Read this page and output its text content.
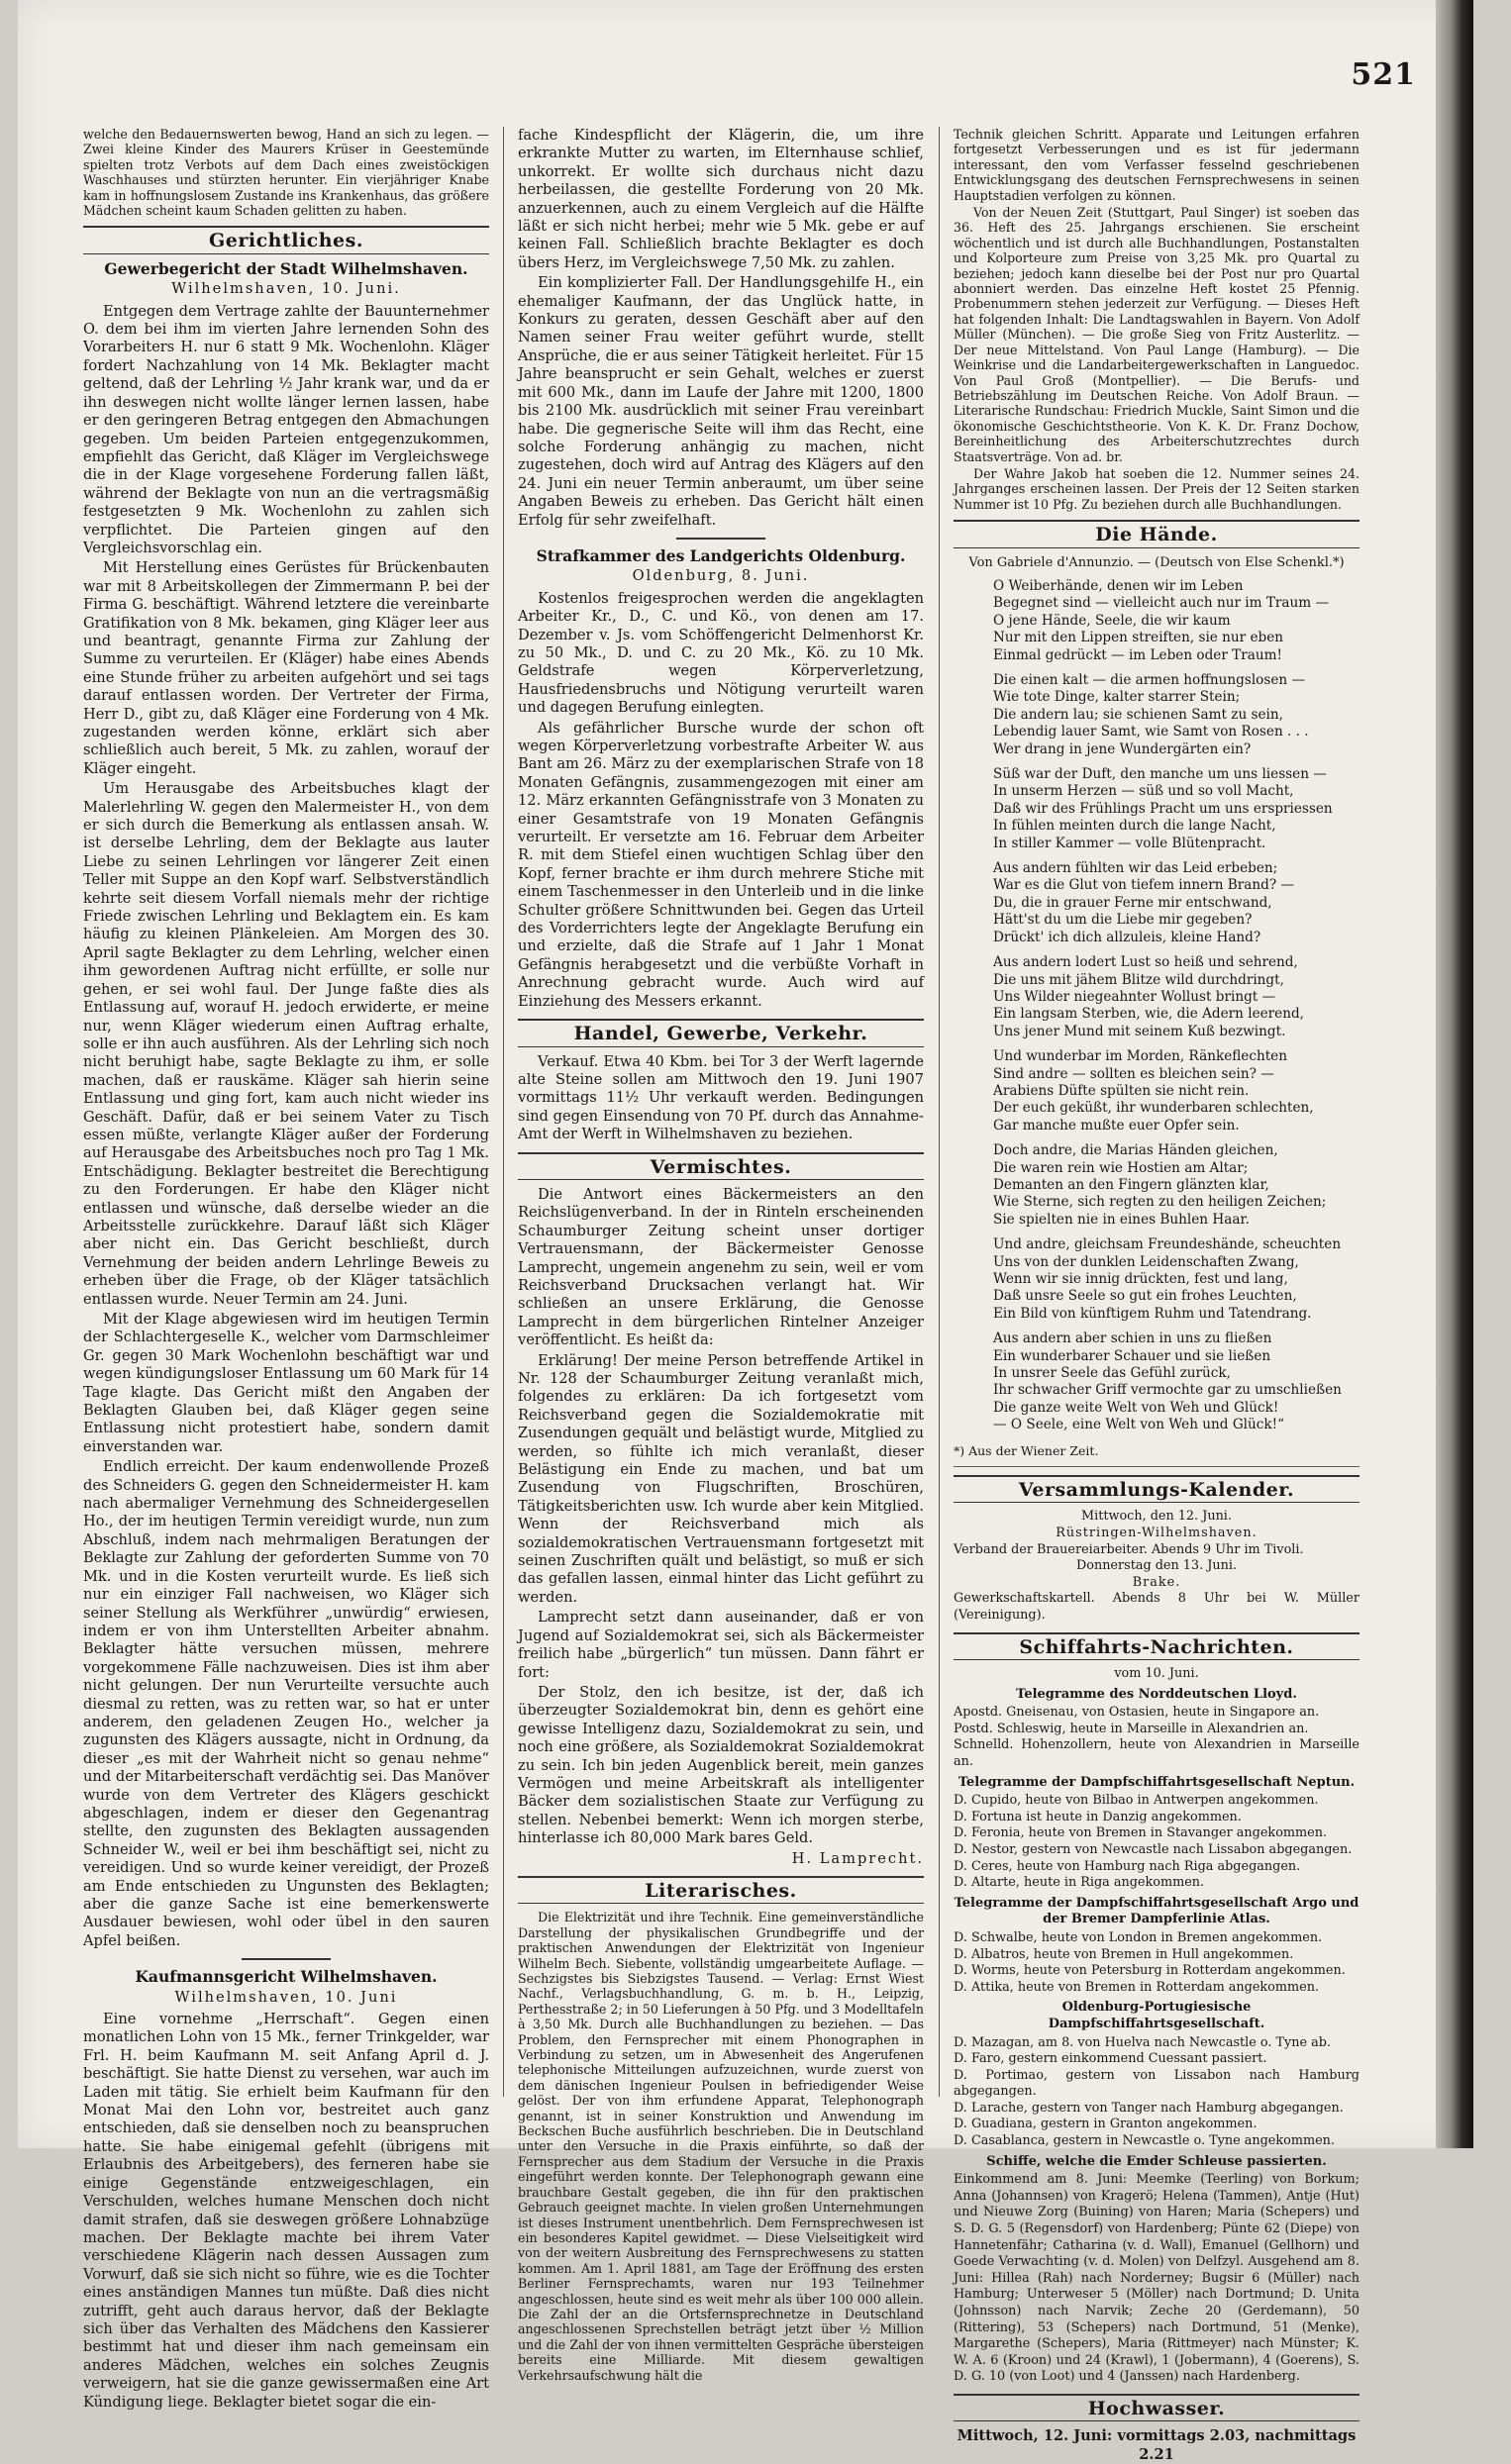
521

welche den Bedauernswerten bewog, Hand an sich zu legen. — Zwei kleine Kinder des Maurers Krüser in Geestemünde spielten trotz Verbots auf dem Dach eines zweistöckigen Waschhauses und stürzten herunter. Ein vierjähriger Knabe kam in hoffnungslosem Zustande ins Krankenhaus, das größere Mädchen scheint kaum Schaden gelitten zu haben.

Gerichtliches.
Gewerbegericht der Stadt Wilhelmshaven.
Wilhelmshaven, 10. Juni.

Entgegen dem Vertrage zahlte der Bauunternehmer O. dem bei ihm im vierten Jahre lernenden Sohn des Vorarbeiters H. nur 6 statt 9 Mk. Wochenlohn. Kläger fordert Nachzahlung von 14 Mk. Beklagter macht geltend, daß der Lehrling ½ Jahr krank war, und da er ihn deswegen nicht wollte länger lernen lassen, habe er den geringeren Betrag entgegen den Abmachungen gegeben. Um beiden Parteien entgegenzukommen, empfiehlt das Gericht, daß Kläger im Vergleichswege die in der Klage vorgesehene Forderung fallen läßt, während der Beklagte von nun an die vertragsmäßig festgesetzten 9 Mk. Wochenlohn zu zahlen sich verpflichtet. Die Parteien gingen auf den Vergleichsvorschlag ein.

Mit Herstellung eines Gerüstes für Brückenbauten war mit 8 Arbeitskollegen der Zimmermann P. bei der Firma G. beschäftigt. Während letztere die vereinbarte Gratifikation von 8 Mk. bekamen, ging Kläger leer aus und beantragt, genannte Firma zur Zahlung der Summe zu verurteilen. Er (Kläger) habe eines Abends eine Stunde früher zu arbeiten aufgehört und sei tags darauf entlassen worden. Der Vertreter der Firma, Herr D., gibt zu, daß Kläger eine Forderung von 4 Mk. zugestanden werden könne, erklärt sich aber schließlich auch bereit, 5 Mk. zu zahlen, worauf der Kläger eingeht.

Um Herausgabe des Arbeitsbuches klagt der Malerlehrling W. gegen den Malermeister H., von dem er sich durch die Bemerkung als entlassen ansah. W. ist derselbe Lehrling, dem der Beklagte aus lauter Liebe zu seinen Lehrlingen vor längerer Zeit einen Teller mit Suppe an den Kopf warf. Selbstverständlich kehrte seit diesem Vorfall niemals mehr der richtige Friede zwischen Lehrling und Beklagtem ein. Es kam häufig zu kleinen Plänkeleien. Am Morgen des 30. April sagte Beklagter zu dem Lehrling, welcher einen ihm gewordenen Auftrag nicht erfüllte, er solle nur gehen, er sei wohl faul. Der Junge faßte dies als Entlassung auf, worauf H. jedoch erwiderte, er meine nur, wenn Kläger wiederum einen Auftrag erhalte, solle er ihn auch ausführen. Als der Lehrling sich noch nicht beruhigt habe, sagte Beklagte zu ihm, er solle machen, daß er rauskäme. Kläger sah hierin seine Entlassung und ging fort, kam auch nicht wieder ins Geschäft. Dafür, daß er bei seinem Vater zu Tisch essen müßte, verlangte Kläger außer der Forderung auf Herausgabe des Arbeitsbuches noch pro Tag 1 Mk. Entschädigung. Beklagter bestreitet die Berechtigung zu den Forderungen. Er habe den Kläger nicht entlassen und wünsche, daß derselbe wieder an die Arbeitsstelle zurückkehre. Darauf läßt sich Kläger aber nicht ein. Das Gericht beschließt, durch Vernehmung der beiden andern Lehrlinge Beweis zu erheben über die Frage, ob der Kläger tatsächlich entlassen wurde. Neuer Termin am 24. Juni.

Mit der Klage abgewiesen wird im heutigen Termin der Schlachtergeselle K., welcher vom Darmschleimer Gr. gegen 30 Mark Wochenlohn beschäftigt war und wegen kündigungsloser Entlassung um 60 Mark für 14 Tage klagte. Das Gericht mißt den Angaben der Beklagten Glauben bei, daß Kläger gegen seine Entlassung nicht protestiert habe, sondern damit einverstanden war.

Endlich erreicht. Der kaum endenwollende Prozeß des Schneiders G. gegen den Schneidermeister H. kam nach abermaliger Vernehmung des Schneidergesellen Ho., der im heutigen Termin vereidigt wurde, nun zum Abschluß, indem nach mehrmaligen Beratungen der Beklagte zur Zahlung der geforderten Summe von 70 Mk. und in die Kosten verurteilt wurde. Es ließ sich nur ein einziger Fall nachweisen, wo Kläger sich seiner Stellung als Werkführer „unwürdig“ erwiesen, indem er von ihm Unterstellten Arbeiter abnahm. Beklagter hätte versuchen müssen, mehrere vorgekommene Fälle nachzuweisen. Dies ist ihm aber nicht gelungen. Der nun Verurteilte versuchte auch diesmal zu retten, was zu retten war, so hat er unter anderem, den geladenen Zeugen Ho., welcher ja zugunsten des Klägers aussagte, nicht in Ordnung, da dieser „es mit der Wahrheit nicht so genau nehme“ und der Mitarbeiterschaft verdächtig sei. Das Manöver wurde von dem Vertreter des Klägers geschickt abgeschlagen, indem er dieser den Gegenantrag stellte, den zugunsten des Beklagten aussagenden Schneider W., weil er bei ihm beschäftigt sei, nicht zu vereidigen. Und so wurde keiner vereidigt, der Prozeß am Ende entschieden zu Ungunsten des Beklagten; aber die ganze Sache ist eine bemerkenswerte Ausdauer bewiesen, wohl oder übel in den sauren Apfel beißen.

Kaufmannsgericht Wilhelmshaven.
Wilhelmshaven, 10. Juni

Eine vornehme „Herrschaft“. Gegen einen monatlichen Lohn von 15 Mk., ferner Trinkgelder, war Frl. H. beim Kaufmann M. seit Anfang April d. J. beschäftigt. Sie hatte Dienst zu versehen, war auch im Laden mit tätig. Sie erhielt beim Kaufmann für den Monat Mai den Lohn vor, bestreitet auch ganz entschieden, daß sie denselben noch zu beanspruchen hatte. Sie habe einigemal gefehlt (übrigens mit Erlaubnis des Arbeitgebers), des ferneren habe sie einige Gegenstände entzweigeschlagen, ein Verschulden, welches humane Menschen doch nicht damit strafen, daß sie deswegen größere Lohnabzüge machen. Der Beklagte machte bei ihrem Vater verschiedene Klägerin nach dessen Aussagen zum Vorwurf, daß sie sich nicht so führe, wie es die Tochter eines anständigen Mannes tun müßte. Daß dies nicht zutrifft, geht auch daraus hervor, daß der Beklagte sich über das Verhalten des Mädchens den Kassierer bestimmt hat und dieser ihm nach gemeinsam ein anderes Mädchen, welches ein solches Zeugnis verweigern, hat sie die ganze gewissermaßen eine Art Kündigung liege. Beklagter bietet sogar die ein-

fache Kindespflicht der Klägerin, die, um ihre erkrankte Mutter zu warten, im Elternhause schlief, unkorrekt. Er wollte sich durchaus nicht dazu herbeilassen, die gestellte Forderung von 20 Mk. anzuerkennen, auch zu einem Vergleich auf die Hälfte läßt er sich nicht herbei; mehr wie 5 Mk. gebe er auf keinen Fall. Schließlich brachte Beklagter es doch übers Herz, im Vergleichswege 7,50 Mk. zu zahlen.

Ein komplizierter Fall. Der Handlungsgehilfe H., ein ehemaliger Kaufmann, der das Unglück hatte, in Konkurs zu geraten, dessen Geschäft aber auf den Namen seiner Frau weiter geführt wurde, stellt Ansprüche, die er aus seiner Tätigkeit herleitet. Für 15 Jahre beansprucht er sein Gehalt, welches er zuerst mit 600 Mk., dann im Laufe der Jahre mit 1200, 1800 bis 2100 Mk. ausdrücklich mit seiner Frau vereinbart habe. Die gegnerische Seite will ihm das Recht, eine solche Forderung anhängig zu machen, nicht zugestehen, doch wird auf Antrag des Klägers auf den 24. Juni ein neuer Termin anberaumt, um über seine Angaben Beweis zu erheben. Das Gericht hält einen Erfolg für sehr zweifelhaft.

Strafkammer des Landgerichts Oldenburg.
Oldenburg, 8. Juni.

Kostenlos freigesprochen werden die angeklagten Arbeiter Kr., D., C. und Kö., von denen am 17. Dezember v. Js. vom Schöffengericht Delmenhorst Kr. zu 50 Mk., D. und C. zu 20 Mk., Kö. zu 10 Mk. Geldstrafe wegen Körperverletzung, Hausfriedensbruchs und Nötigung verurteilt waren und dagegen Berufung einlegten.

Als gefährlicher Bursche wurde der schon oft wegen Körperverletzung vorbestrafte Arbeiter W. aus Bant am 26. März zu der exemplarischen Strafe von 18 Monaten Gefängnis, zusammengezogen mit einer am 12. März erkannten Gefängnisstrafe von 3 Monaten zu einer Gesamtstrafe von 19 Monaten Gefängnis verurteilt. Er versetzte am 16. Februar dem Arbeiter R. mit dem Stiefel einen wuchtigen Schlag über den Kopf, ferner brachte er ihm durch mehrere Stiche mit einem Taschenmesser in den Unterleib und in die linke Schulter größere Schnittwunden bei. Gegen das Urteil des Vorderrichters legte der Angeklagte Berufung ein und erzielte, daß die Strafe auf 1 Jahr 1 Monat Gefängnis herabgesetzt und die verbüßte Vorhaft in Anrechnung gebracht wurde. Auch wird auf Einziehung des Messers erkannt.

Handel, Gewerbe, Verkehr.

Verkauf. Etwa 40 Kbm. bei Tor 3 der Werft lagernde alte Steine sollen am Mittwoch den 19. Juni 1907 vormittags 11½ Uhr verkauft werden. Bedingungen sind gegen Einsendung von 70 Pf. durch das Annahme-Amt der Werft in Wilhelmshaven zu beziehen.

Vermischtes.

Die Antwort eines Bäckermeisters an den Reichslügenverband. In der in Rinteln erscheinenden Schaumburger Zeitung scheint unser dortiger Vertrauensmann, der Bäckermeister Genosse Lamprecht, ungemein angenehm zu sein, weil er vom Reichsverband Drucksachen verlangt hat. Wir schließen an unsere Erklärung, die Genosse Lamprecht in dem bürgerlichen Rintelner Anzeiger veröffentlicht. Es heißt da:

Erklärung! Der meine Person betreffende Artikel in Nr. 128 der Schaumburger Zeitung veranlaßt mich, folgendes zu erklären: Da ich fortgesetzt vom Reichsverband gegen die Sozialdemokratie mit Zusendungen gequält und belästigt wurde, Mitglied zu werden, so fühlte ich mich veranlaßt, dieser Belästigung ein Ende zu machen, und bat um Zusendung von Flugschriften, Broschüren, Tätigkeitsberichten usw. Ich wurde aber kein Mitglied. Wenn der Reichsverband mich als sozialdemokratischen Vertrauensmann fortgesetzt mit seinen Zuschriften quält und belästigt, so muß er sich das gefallen lassen, einmal hinter das Licht geführt zu werden.

Lamprecht setzt dann auseinander, daß er von Jugend auf Sozialdemokrat sei, sich als Bäckermeister freilich habe „bürgerlich“ tun müssen. Dann fährt er fort:

Der Stolz, den ich besitze, ist der, daß ich überzeugter Sozialdemokrat bin, denn es gehört eine gewisse Intelligenz dazu, Sozialdemokrat zu sein, und noch eine größere, als Sozialdemokrat Sozialdemokrat zu sein. Ich bin jeden Augenblick bereit, mein ganzes Vermögen und meine Arbeitskraft als intelligenter Bäcker dem sozialistischen Staate zur Verfügung zu stellen. Nebenbei bemerkt: Wenn ich morgen sterbe, hinterlasse ich 80,000 Mark bares Geld.

H. Lamprecht.
Literarisches.

Die Elektrizität und ihre Technik. Eine gemeinverständliche Darstellung der physikalischen Grundbegriffe und der praktischen Anwendungen der Elektrizität von Ingenieur Wilhelm Bech. Siebente, vollständig umgearbeitete Auflage. — Sechzigstes bis Siebzigstes Tausend. — Verlag: Ernst Wiest Nachf., Verlagsbuchhandlung, G. m. b. H., Leipzig, Perthesstraße 2; in 50 Lieferungen à 50 Pfg. und 3 Modelltafeln à 3,50 Mk. Durch alle Buchhandlungen zu beziehen. — Das Problem, den Fernsprecher mit einem Phonographen in Verbindung zu setzen, um in Abwesenheit des Angerufenen telephonische Mitteilungen aufzuzeichnen, wurde zuerst von dem dänischen Ingenieur Poulsen in befriedigender Weise gelöst. Der von ihm erfundene Apparat, Telephonograph genannt, ist in seiner Konstruktion und Anwendung im Beckschen Buche ausführlich beschrieben. Die in Deutschland unter den Versuche in die Praxis einführte, so daß der Fernsprecher aus dem Stadium der Versuche in die Praxis eingeführt werden konnte. Der Telephonograph gewann eine brauchbare Gestalt gegeben, die ihn für den praktischen Gebrauch geeignet machte. In vielen großen Unternehmungen ist dieses Instrument unentbehrlich. Dem Fernsprechwesen ist ein besonderes Kapitel gewidmet. — Diese Vielseitigkeit wird von der weitern Ausbreitung des Fernsprechwesens zu statten kommen. Am 1. April 1881, am Tage der Eröffnung des ersten Berliner Fernsprechamts, waren nur 193 Teilnehmer angeschlossen, heute sind es weit mehr als über 100 000 allein. Die Zahl der an die Ortsfernsprechnetze in Deutschland angeschlossenen Sprechstellen beträgt jetzt über ½ Million und die Zahl der von ihnen vermittelten Gespräche übersteigen bereits eine Milliarde. Mit diesem gewaltigen Verkehrsaufschwung hält die

Technik gleichen Schritt. Apparate und Leitungen erfahren fortgesetzt Verbesserungen und es ist für jedermann interessant, den vom Verfasser fesselnd geschriebenen Entwicklungsgang des deutschen Fernsprechwesens in seinen Hauptstadien verfolgen zu können.

Von der Neuen Zeit (Stuttgart, Paul Singer) ist soeben das 36. Heft des 25. Jahrgangs erschienen. Sie erscheint wöchentlich und ist durch alle Buchhandlungen, Postanstalten und Kolporteure zum Preise von 3,25 Mk. pro Quartal zu beziehen; jedoch kann dieselbe bei der Post nur pro Quartal abonniert werden. Das einzelne Heft kostet 25 Pfennig. Probenummern stehen jederzeit zur Verfügung. — Dieses Heft hat folgenden Inhalt: Die Landtagswahlen in Bayern. Von Adolf Müller (München). — Die große Sieg von Fritz Austerlitz. — Der neue Mittelstand. Von Paul Lange (Hamburg). — Die Weinkrise und die Landarbeitergewerkschaften in Languedoc. Von Paul Groß (Montpellier). — Die Berufs- und Betriebszählung im Deutschen Reiche. Von Adolf Braun. — Literarische Rundschau: Friedrich Muckle, Saint Simon und die ökonomische Geschichtstheorie. Von K. K. Dr. Franz Dochow, Bereinheitlichung des Arbeiterschutzrechtes durch Staatsverträge. Von ad. br.

Der Wahre Jakob hat soeben die 12. Nummer seines 24. Jahrganges erscheinen lassen. Der Preis der 12 Seiten starken Nummer ist 10 Pfg. Zu beziehen durch alle Buchhandlungen.

Die Hände.
Von Gabriele d'Annunzio. — (Deutsch von Else Schenkl.*)
O Weiberhände, denen wir im Leben
Begegnet sind — vielleicht auch nur im Traum —
O jene Hände, Seele, die wir kaum
Nur mit den Lippen streiften, sie nur eben
Einmal gedrückt — im Leben oder Traum!
Die einen kalt — die armen hoffnungslosen —
Wie tote Dinge, kalter starrer Stein;
Die andern lau; sie schienen Samt zu sein,
Lebendig lauer Samt, wie Samt von Rosen . . .
Wer drang in jene Wundergärten ein?
Süß war der Duft, den manche um uns liessen —
In unserm Herzen — süß und so voll Macht,
Daß wir des Frühlings Pracht um uns erspriessen
In fühlen meinten durch die lange Nacht,
In stiller Kammer — volle Blütenpracht.
Aus andern fühlten wir das Leid erbeben;
War es die Glut von tiefem innern Brand? —
Du, die in grauer Ferne mir entschwand,
Hätt'st du um die Liebe mir gegeben?
Drückt' ich dich allzuleis, kleine Hand?
Aus andern lodert Lust so heiß und sehrend,
Die uns mit jähem Blitze wild durchdringt,
Uns Wilder niegeahnter Wollust bringt —
Ein langsam Sterben, wie, die Adern leerend,
Uns jener Mund mit seinem Kuß bezwingt.
Und wunderbar im Morden, Ränkeflechten
Sind andre — sollten es bleichen sein? —
Arabiens Düfte spülten sie nicht rein.
Der euch geküßt, ihr wunderbaren schlechten,
Gar manche mußte euer Opfer sein.
Doch andre, die Marias Händen gleichen,
Die waren rein wie Hostien am Altar;
Demanten an den Fingern glänzten klar,
Wie Sterne, sich regten zu den heiligen Zeichen;
Sie spielten nie in eines Buhlen Haar.
Und andre, gleichsam Freundeshände, scheuchten
Uns von der dunklen Leidenschaften Zwang,
Wenn wir sie innig drückten, fest und lang,
Daß unsre Seele so gut ein frohes Leuchten,
Ein Bild von künftigem Ruhm und Tatendrang.
Aus andern aber schien in uns zu fließen
Ein wunderbarer Schauer und sie ließen
In unsrer Seele das Gefühl zurück,
Ihr schwacher Griff vermochte gar zu umschließen
Die ganze weite Welt von Weh und Glück!
— O Seele, eine Welt von Weh und Glück!“
*) Aus der Wiener Zeit.
Versammlungs-Kalender.
Mittwoch, den 12. Juni.
Rüstringen-Wilhelmshaven.
Verband der Brauereiarbeiter. Abends 9 Uhr im Tivoli.
Donnerstag den 13. Juni.
Brake.
Gewerkschaftskartell. Abends 8 Uhr bei W. Müller (Vereinigung).
Schiffahrts-Nachrichten.
vom 10. Juni.
Telegramme des Norddeutschen Lloyd.
Apostd. Gneisenau, von Ostasien, heute in Singapore an.
Postd. Schleswig, heute in Marseille in Alexandrien an.
Schnelld. Hohenzollern, heute von Alexandrien in Marseille an.
Telegramme der Dampfschiffahrtsgesellschaft Neptun.
D. Cupido, heute von Bilbao in Antwerpen angekommen.
D. Fortuna ist heute in Danzig angekommen.
D. Feronia, heute von Bremen in Stavanger angekommen.
D. Nestor, gestern von Newcastle nach Lissabon abgegangen.
D. Ceres, heute von Hamburg nach Riga abgegangen.
D. Altarte, heute in Riga angekommen.
Telegramme der Dampfschiffahrtsgesellschaft Argo und der Bremer Dampferlinie Atlas.
D. Schwalbe, heute von London in Bremen angekommen.
D. Albatros, heute von Bremen in Hull angekommen.
D. Worms, heute von Petersburg in Rotterdam angekommen.
D. Attika, heute von Bremen in Rotterdam angekommen.
Oldenburg-Portugiesische Dampfschiffahrtsgesellschaft.
D. Mazagan, am 8. von Huelva nach Newcastle o. Tyne ab.
D. Faro, gestern einkommend Cuessant passiert.
D. Portimao, gestern von Lissabon nach Hamburg abgegangen.
D. Larache, gestern von Tanger nach Hamburg abgegangen.
D. Guadiana, gestern in Granton angekommen.
D. Casablanca, gestern in Newcastle o. Tyne angekommen.
Schiffe, welche die Emder Schleuse passierten.
Einkommend am 8. Juni: Meemke (Teerling) von Borkum; Anna (Johannsen) von Kragerö; Helena (Tammen), Antje (Hut) und Nieuwe Zorg (Buining) von Haren; Maria (Schepers) und S. D. G. 5 (Regensdorf) von Hardenberg; Pünte 62 (Diepe) von Hannetenfähr; Catharina (v. d. Wall), Emanuel (Gellhorn) und Goede Verwachting (v. d. Molen) von Delfzyl. Ausgehend am 8. Juni: Hillea (Rah) nach Norderney; Bugsir 6 (Müller) nach Hamburg; Unterweser 5 (Möller) nach Dortmund; D. Unita (Johnsson) nach Narvik; Zeche 20 (Gerdemann), 50 (Rittering), 53 (Schepers) nach Dortmund, 51 (Menke), Margarethe (Schepers), Maria (Rittmeyer) nach Münster; K. W. A. 6 (Kroon) und 24 (Krawl), 1 (Jobermann), 4 (Goerens), S. D. G. 10 (von Loot) und 4 (Janssen) nach Hardenberg.
Hochwasser.
Mittwoch, 12. Juni: vormittags 2.03, nachmittags 2.21
